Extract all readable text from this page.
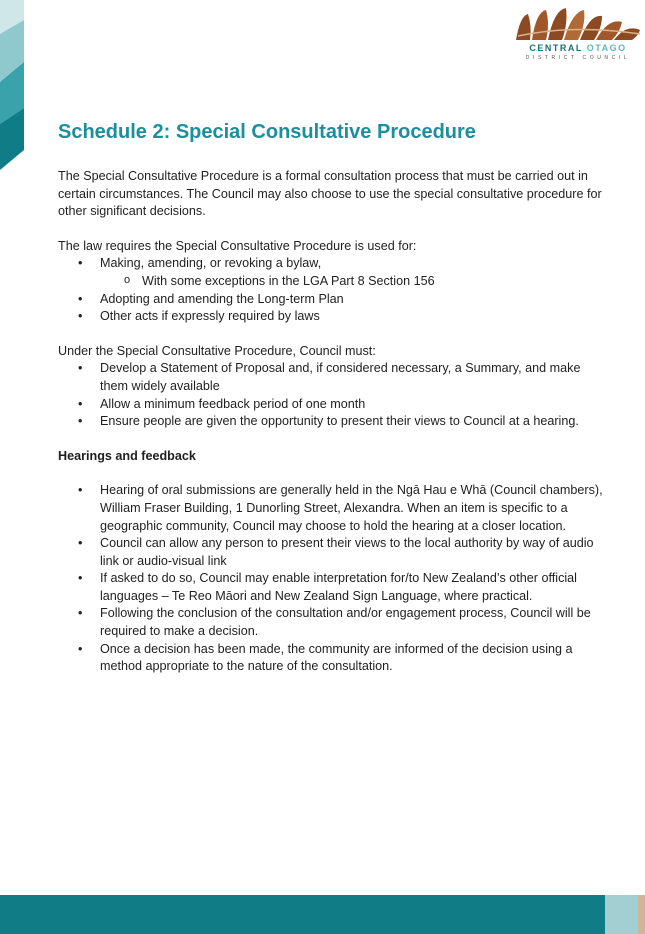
CENTRAL OTAGO
DISTRICT COUNCIL
Schedule 2: Special Consultative Procedure

The Special Consultative Procedure is a formal consultation process that must be carried out in certain circumstances. The Council may also choose to use the special consultative procedure for other significant decisions.

The law requires the Special Consultative Procedure is used for:

• Making, amending, or revoking a bylaw,
o With some exceptions in the LGA Part 8 Section 156
• Adopting and amending the Long-term Plan
• Other acts if expressly required by laws

Under the Special Consultative Procedure, Council must:

• Develop a Statement of Proposal and, if considered necessary, a Summary, and make them widely available
• Allow a minimum feedback period of one month
• Ensure people are given the opportunity to present their views to Council at a hearing.

Hearings and feedback

• Hearing of oral submissions are generally held in the Ngā Hau e Whā (Council chambers), William Fraser Building, 1 Dunorling Street, Alexandra. When an item is specific to a geographic community, Council may choose to hold the hearing at a closer location.
• Council can allow any person to present their views to the local authority by way of audio link or audio-visual link
• If asked to do so, Council may enable interpretation for/to New Zealand’s other official languages – Te Reo Māori and New Zealand Sign Language, where practical.
• Following the conclusion of the consultation and/or engagement process, Council will be required to make a decision.
• Once a decision has been made, the community are informed of the decision using a method appropriate to the nature of the consultation.
